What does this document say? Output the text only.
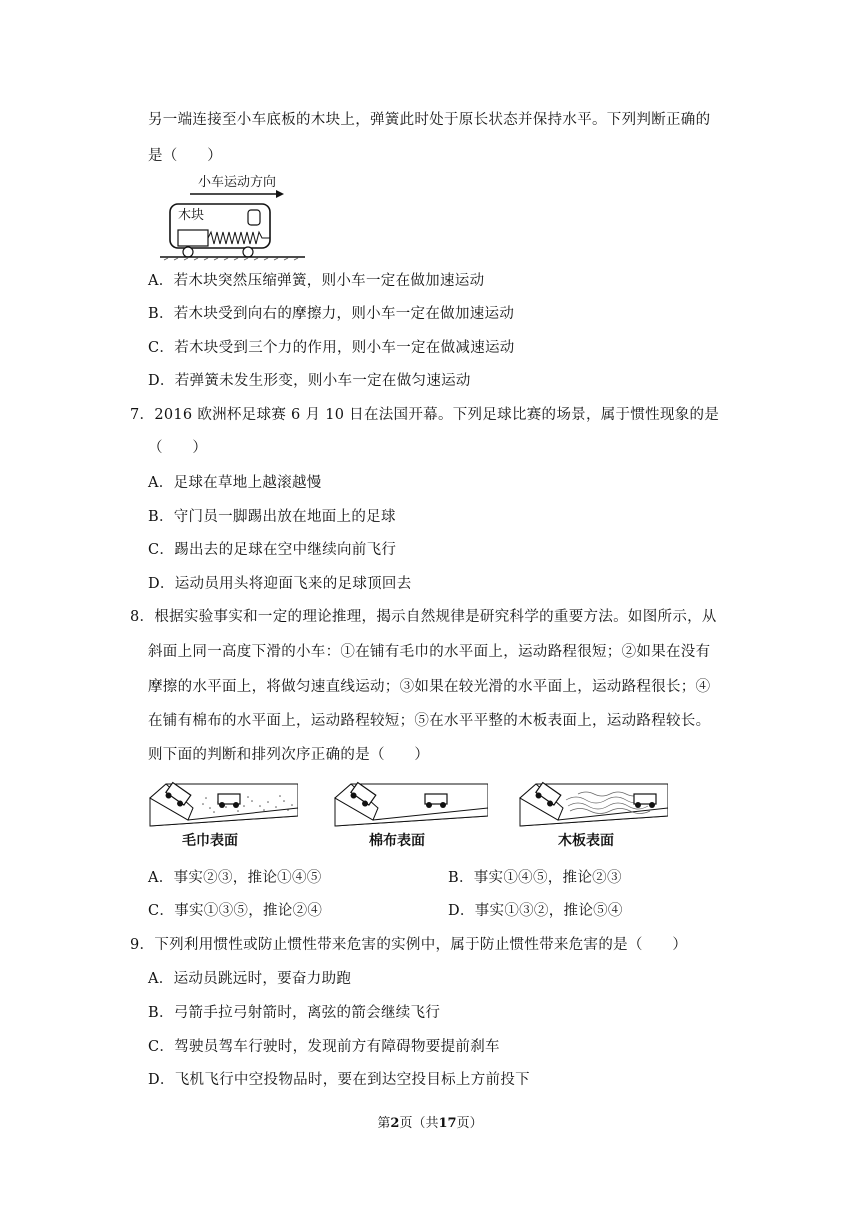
另一端连接至小车底板的木块上，弹簧此时处于原长状态并保持水平。下列判断正确的
是（　　）
小车运动方向
木块
A．若木块突然压缩弹簧，则小车一定在做加速运动
B．若木块受到向右的摩擦力，则小车一定在做加速运动
C．若木块受到三个力的作用，则小车一定在做减速运动
D．若弹簧未发生形变，则小车一定在做匀速运动
7．2016 欧洲杯足球赛 6 月 10 日在法国开幕。下列足球比赛的场景，属于惯性现象的是
（　　）
A．足球在草地上越滚越慢
B．守门员一脚踢出放在地面上的足球
C．踢出去的足球在空中继续向前飞行
D．运动员用头将迎面飞来的足球顶回去
8．根据实验事实和一定的理论推理，揭示自然规律是研究科学的重要方法。如图所示，从
斜面上同一高度下滑的小车：①在铺有毛巾的水平面上，运动路程很短；②如果在没有
摩擦的水平面上，将做匀速直线运动；③如果在较光滑的水平面上，运动路程很长；④
在铺有棉布的水平面上，运动路程较短；⑤在水平平整的木板表面上，运动路程较长。
则下面的判断和排列次序正确的是（　　）
毛巾表面	棉布表面	木板表面
A．事实②③，推论①④⑤	B．事实①④⑤，推论②③
C．事实①③⑤，推论②④	D．事实①③②，推论⑤④
9．下列利用惯性或防止惯性带来危害的实例中，属于防止惯性带来危害的是（　　）
A．运动员跳远时，要奋力助跑
B．弓箭手拉弓射箭时，离弦的箭会继续飞行
C．驾驶员驾车行驶时，发现前方有障碍物要提前刹车
D．飞机飞行中空投物品时，要在到达空投目标上方前投下
第2页（共17页）
